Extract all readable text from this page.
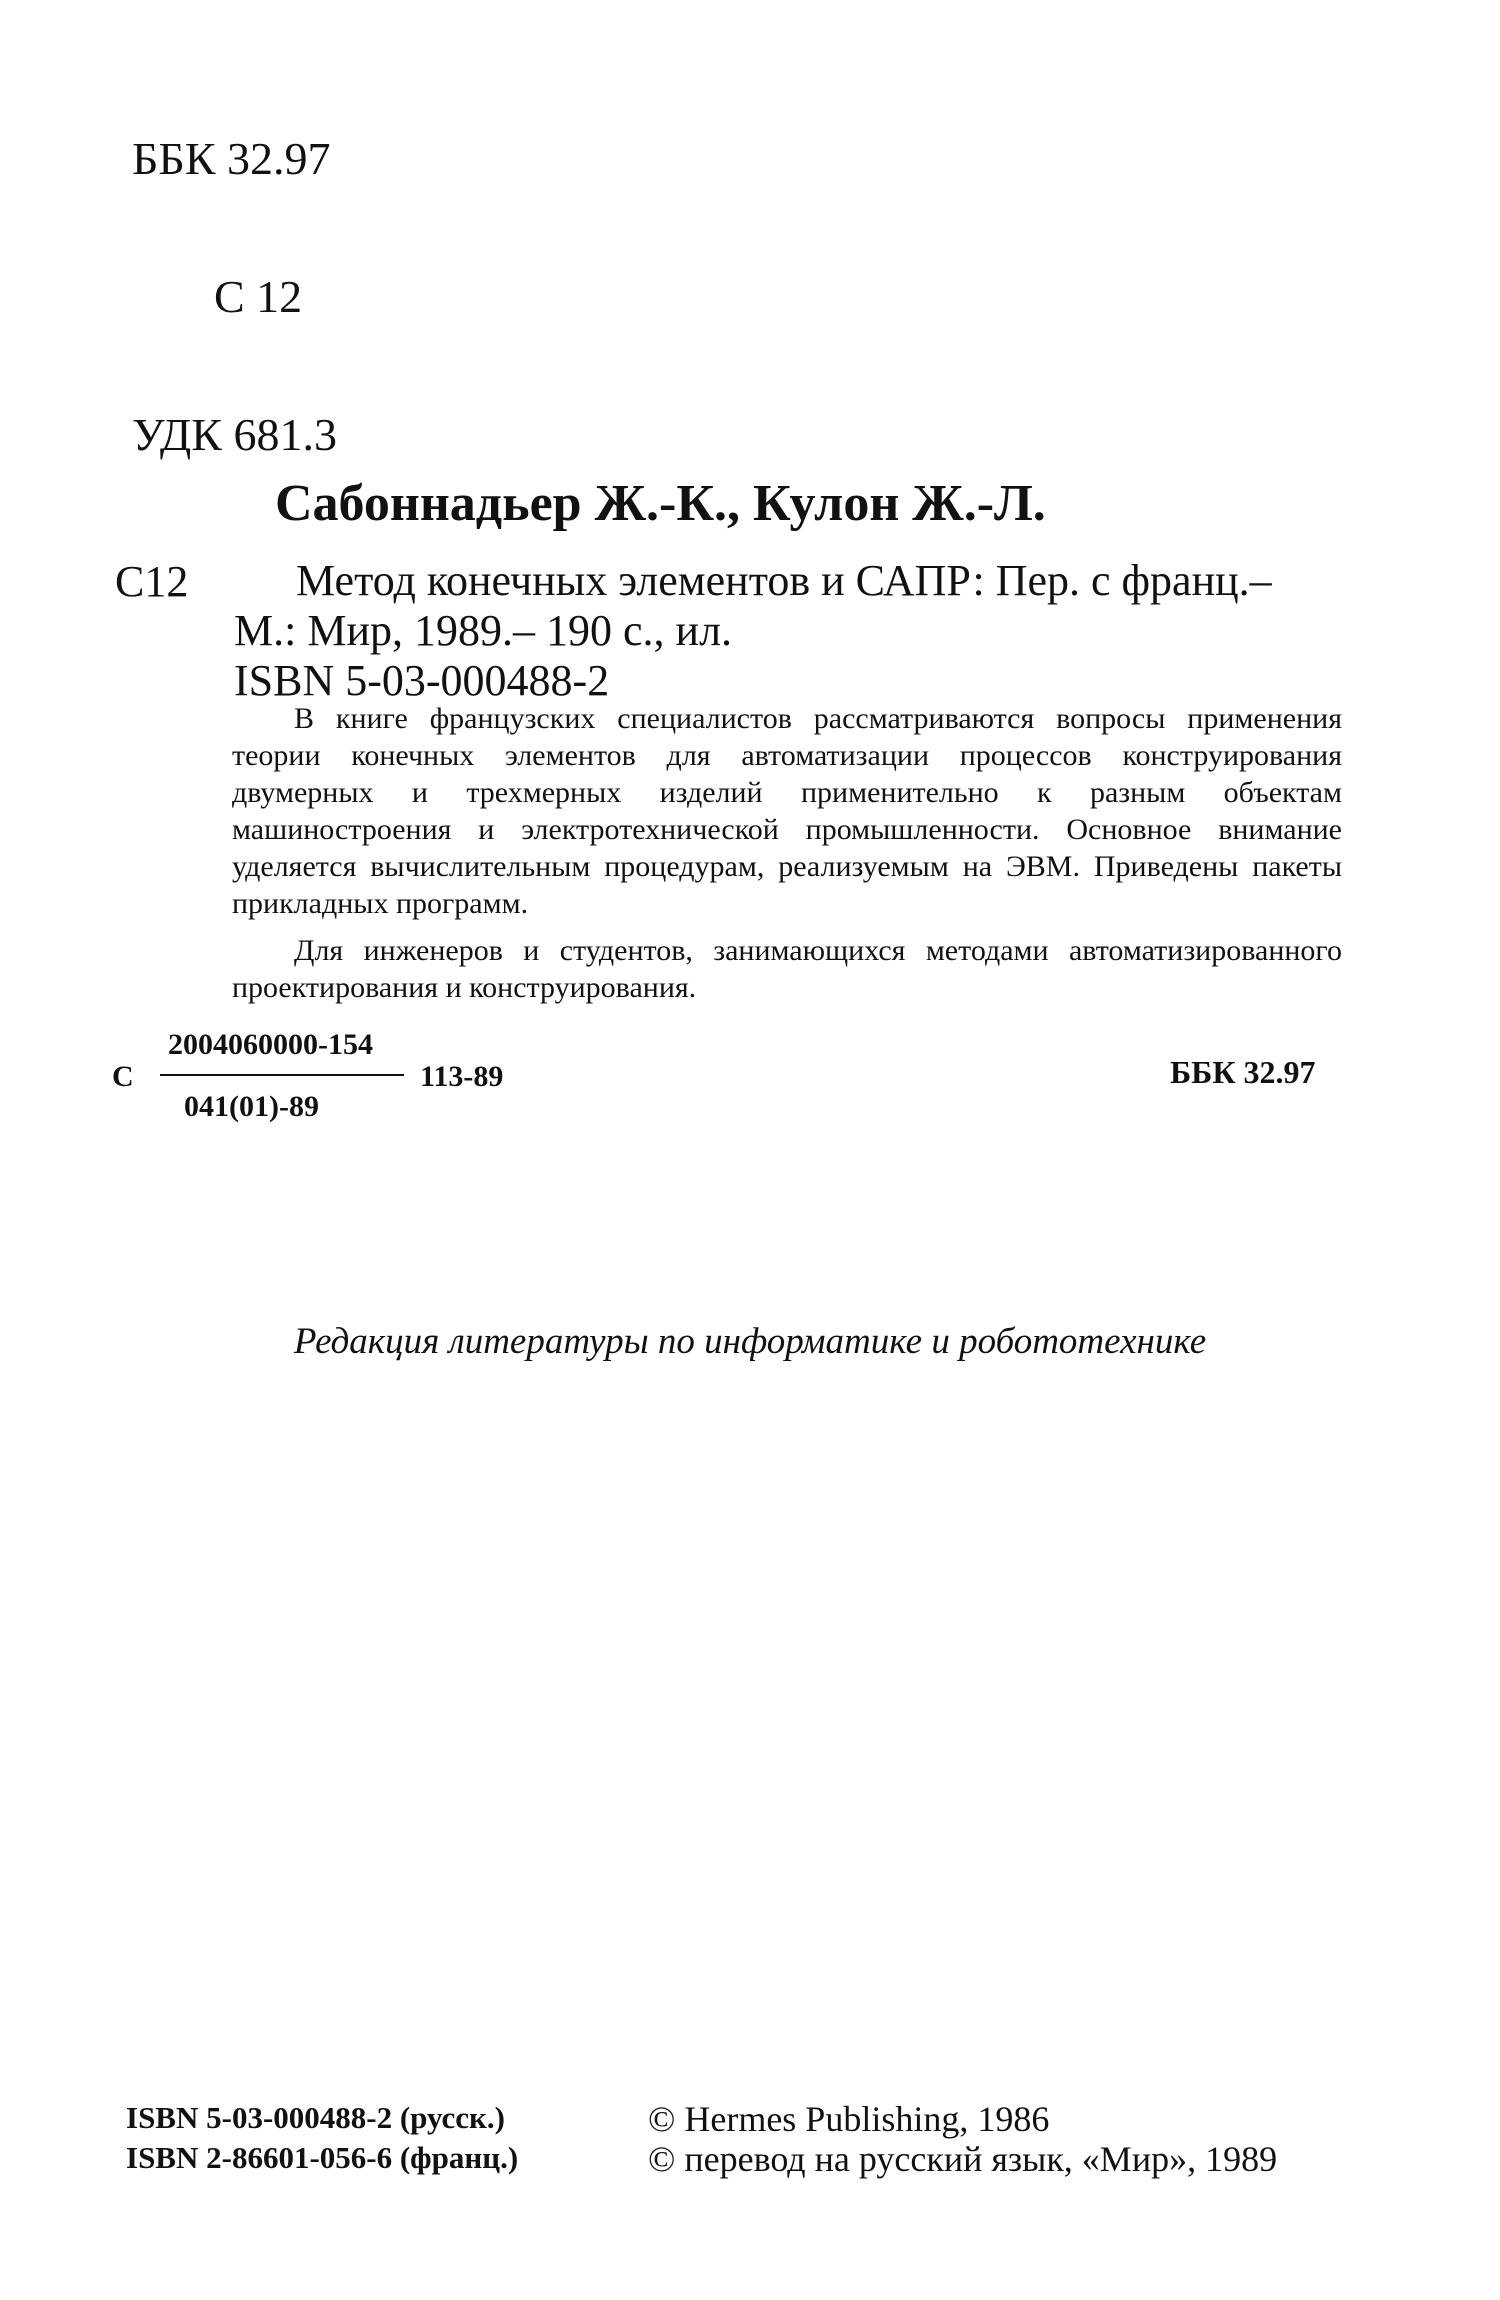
ББК 32.97

С 12

УДК 681.3

Сабоннадьер Ж.-К., Кулон Ж.-Л.
С12 Метод конечных элементов и САПР: Пер. с франц.–
М.: Мир, 1989.– 190 с., ил.
ISBN 5-03-000488-2

В книге французских специалистов рассматриваются вопросы применения теории конечных элементов для автоматизации процессов конструирования двумерных и трехмерных изделий применительно к разным объектам машиностроения и электротехнической промышленности. Основное внимание уделяется вычислительным процедурам, реализуемым на ЭВМ. Приведены пакеты прикладных программ.

Для инженеров и студентов, занимающихся методами автоматизированного проектирования и конструирования.

С
2004060000-154
041(01)-89
113-89	ББК 32.97
Редакция литературы по информатике и робототехнике
ISBN 5-03-000488-2 (русск.)
ISBN 2-86601-056-6 (франц.)
© Hermes Publishing, 1986
© перевод на русский язык, «Мир», 1989
